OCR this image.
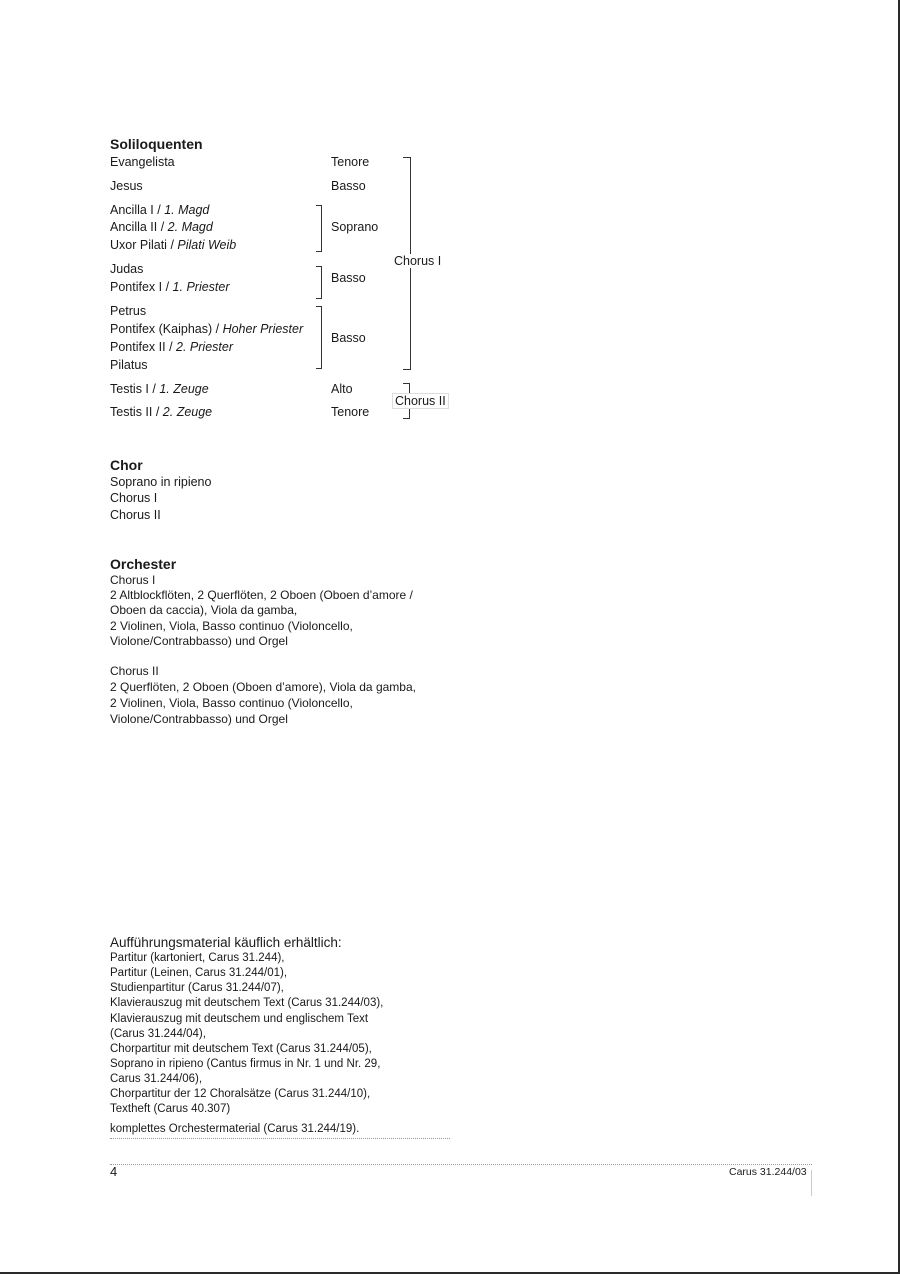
Soliloquenten
Evangelista
Jesus
Ancilla I / 1. Magd
Ancilla II / 2. Magd
Uxor Pilati / Pilati Weib
Judas
Pontifex I / 1. Priester
Petrus
Pontifex (Kaiphas) / Hoher Priester
Pontifex II / 2. Priester
Pilatus
Testis I / 1. Zeuge
Testis II / 2. Zeuge
Tenore
Basso
Soprano
Basso
Basso
Alto
Tenore
Chorus I
Chorus II
Chor
Soprano in ripieno
Chorus I
Chorus II
Orchester
Chorus I
2 Altblockflöten, 2 Querflöten, 2 Oboen (Oboen d’amore /
Oboen da caccia), Viola da gamba,
2 Violinen, Viola, Basso continuo (Violoncello,
Violone/Contrabbasso) und Orgel
Chorus II
2 Querflöten, 2 Oboen (Oboen d’amore), Viola da gamba,
2 Violinen, Viola, Basso continuo (Violoncello,
Violone/Contrabbasso) und Orgel
Aufführungsmaterial käuflich erhältlich:
Partitur (kartoniert, Carus 31.244),
Partitur (Leinen, Carus 31.244/01),
Studienpartitur (Carus 31.244/07),
Klavierauszug mit deutschem Text (Carus 31.244/03),
Klavierauszug mit deutschem und englischem Text
(Carus 31.244/04),
Chorpartitur mit deutschem Text (Carus 31.244/05),
Soprano in ripieno (Cantus firmus in Nr. 1 und Nr. 29,
Carus 31.244/06),
Chorpartitur der 12 Choralsätze (Carus 31.244/10),
Textheft (Carus 40.307)
komplettes Orchestermaterial (Carus 31.244/19).
4	Carus 31.244/03
